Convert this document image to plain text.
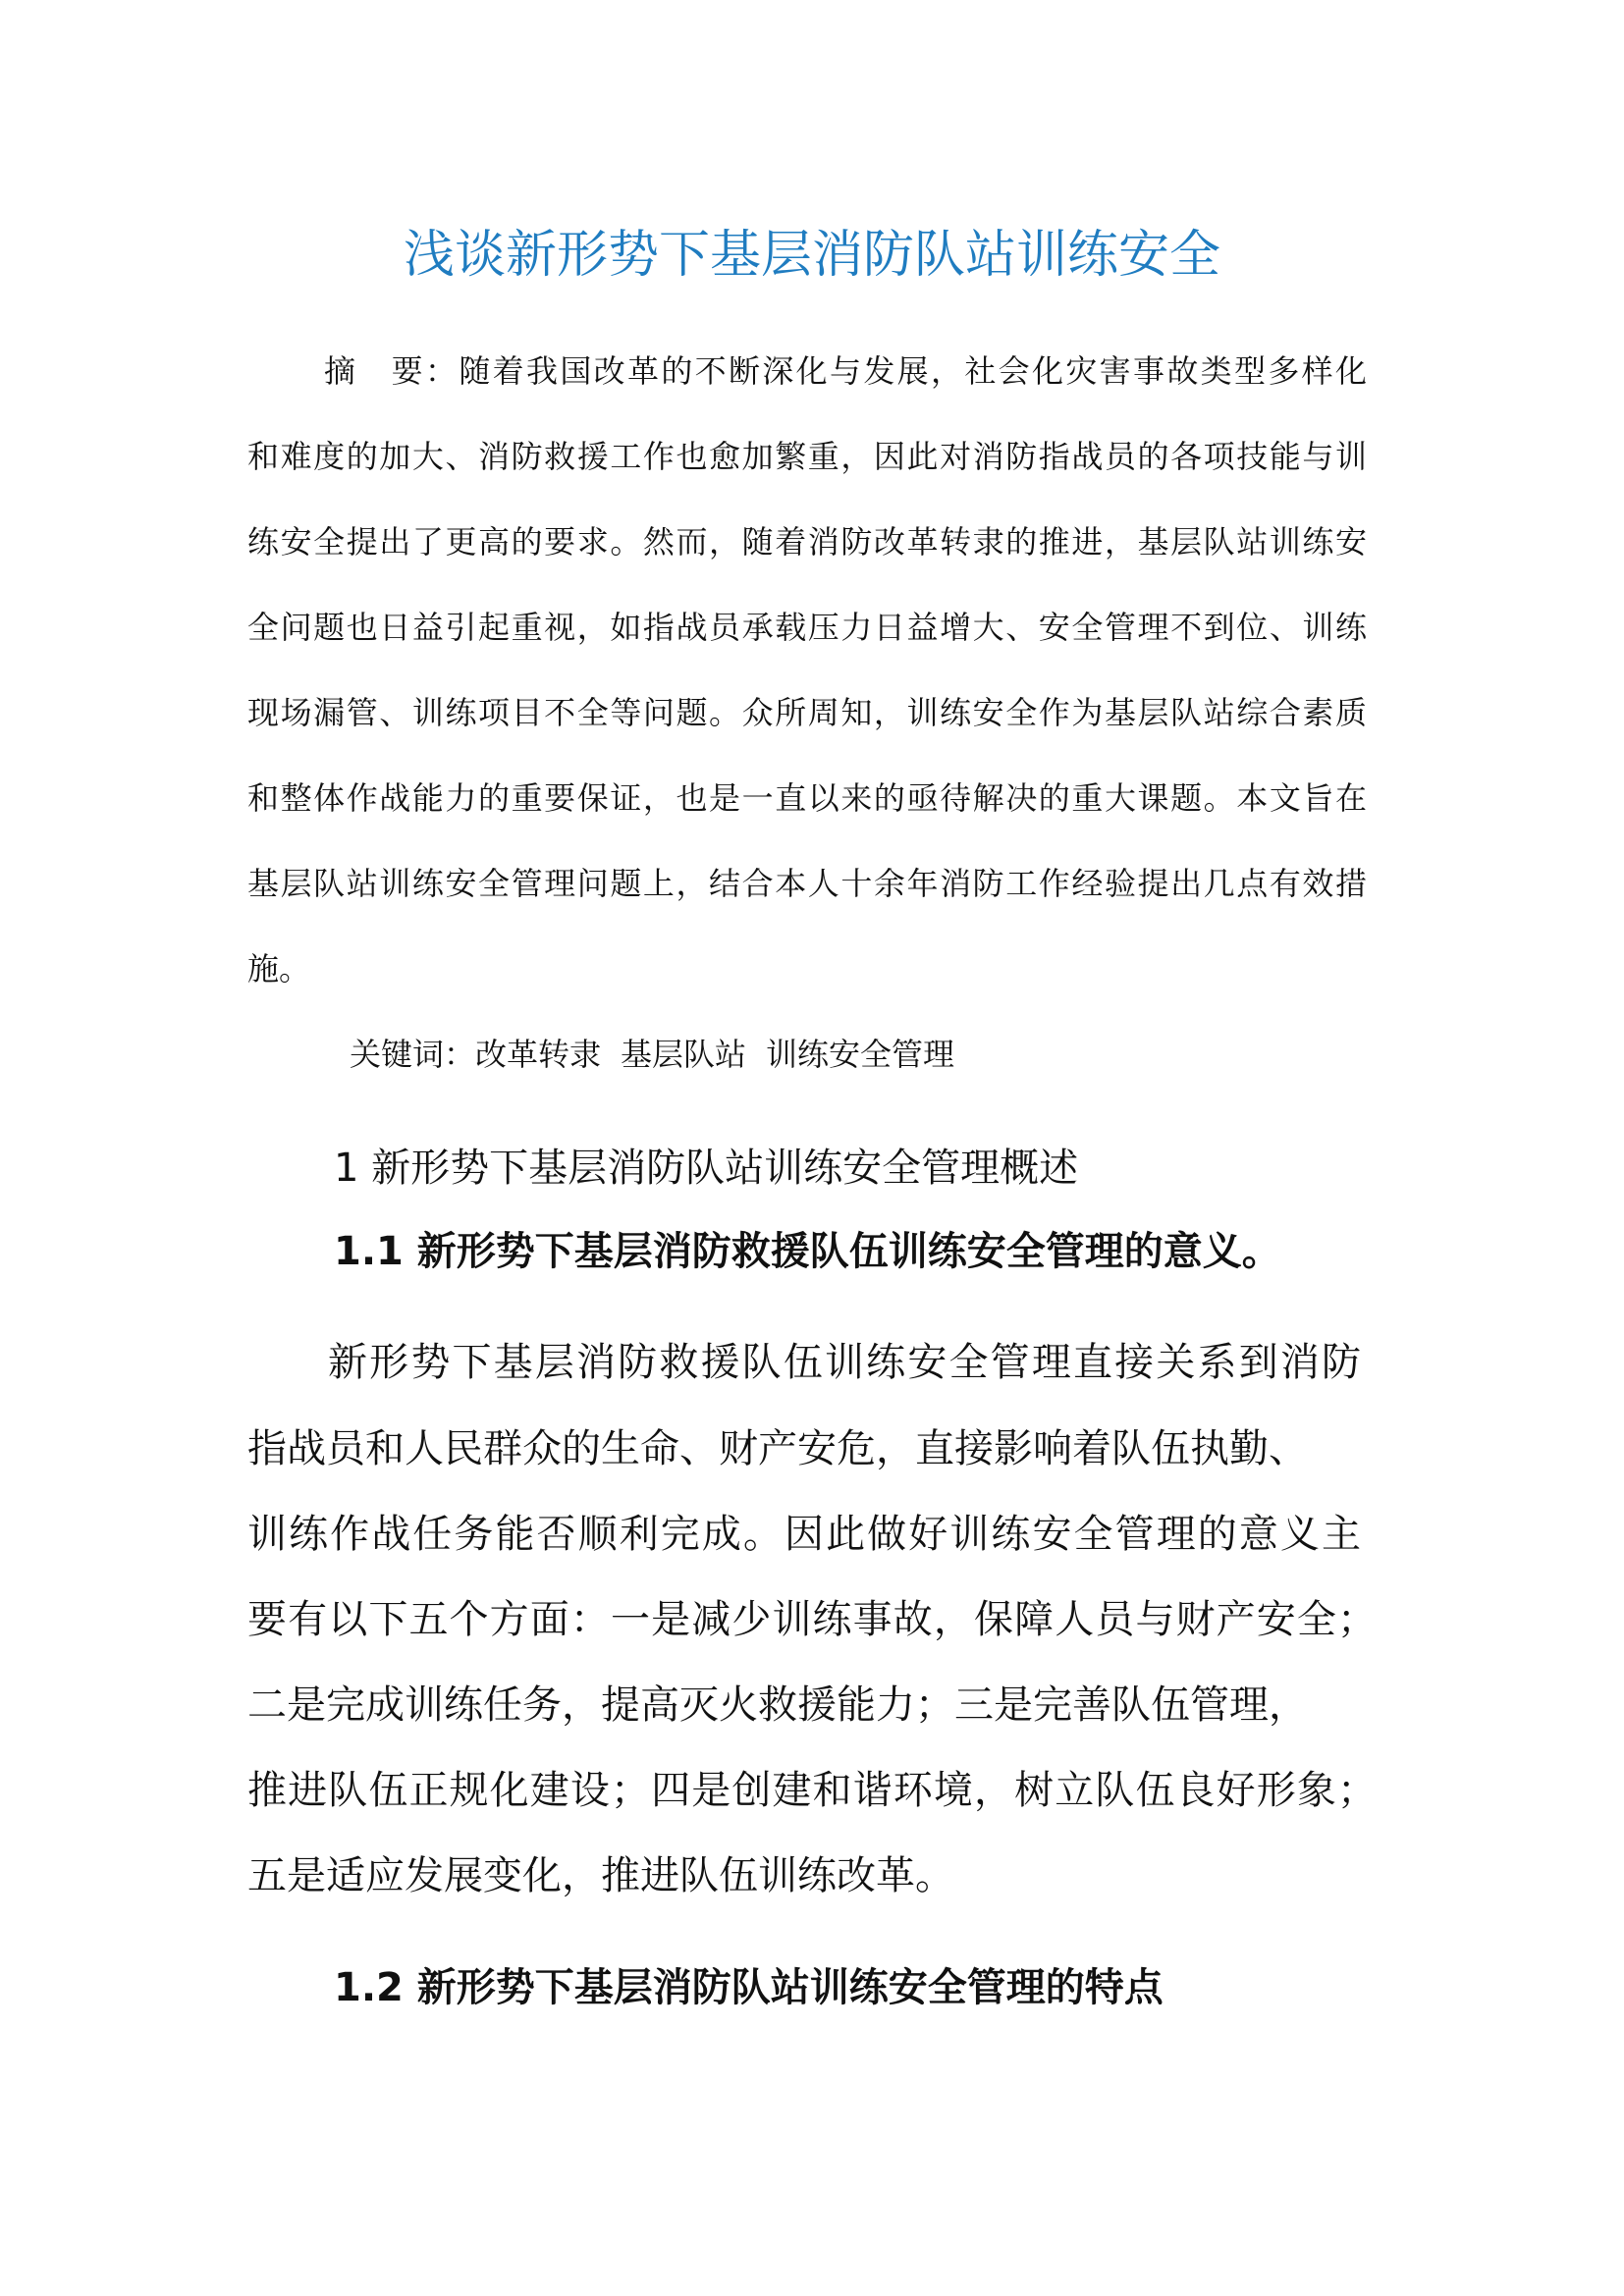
浅谈新形势下基层消防队站训练安全
摘　要：随着我国改革的不断深化与发展，社会化灾害事故类型多样化
和难度的加大、消防救援工作也愈加繁重，因此对消防指战员的各项技能与训
练安全提出了更高的要求。然而，随着消防改革转隶的推进，基层队站训练安
全问题也日益引起重视，如指战员承载压力日益增大、安全管理不到位、训练
现场漏管、训练项目不全等问题。众所周知，训练安全作为基层队站综合素质
和整体作战能力的重要保证，也是一直以来的亟待解决的重大课题。本文旨在
基层队站训练安全管理问题上，结合本人十余年消防工作经验提出几点有效措
施。
关键词：改革转隶 基层队站 训练安全管理
1 新形势下基层消防队站训练安全管理概述
1.1 新形势下基层消防救援队伍训练安全管理的意义。
新形势下基层消防救援队伍训练安全管理直接关系到消防
指战员和人民群众的生命、财产安危，直接影响着队伍执勤、
训练作战任务能否顺利完成。因此做好训练安全管理的意义主
要有以下五个方面：一是减少训练事故，保障人员与财产安全；
二是完成训练任务，提高灭火救援能力；三是完善队伍管理，
推进队伍正规化建设；四是创建和谐环境，树立队伍良好形象；
五是适应发展变化，推进队伍训练改革。
1.2 新形势下基层消防队站训练安全管理的特点
